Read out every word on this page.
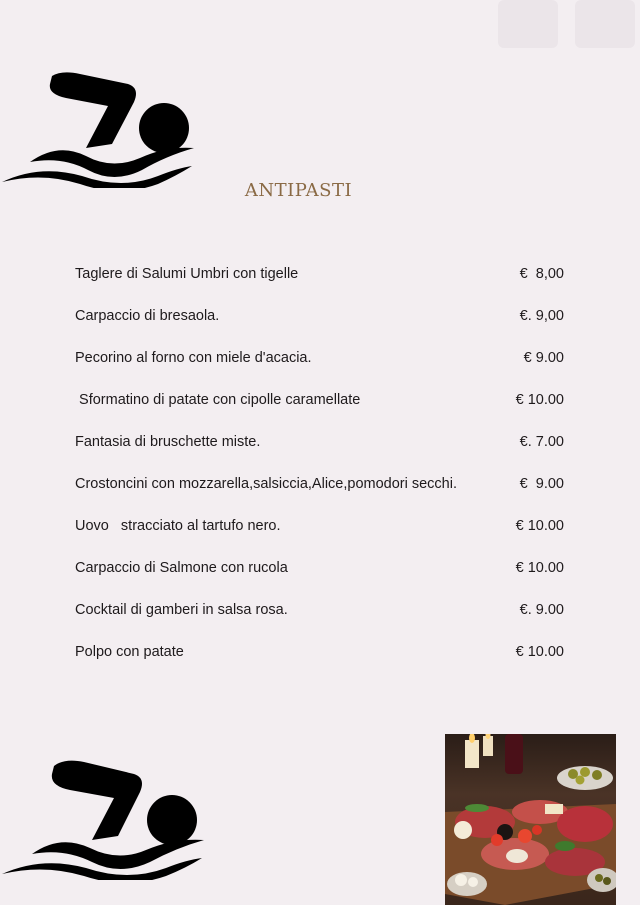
ANTIPASTI
Taglere di Salumi Umbri con tigelle	€  8,00
Carpaccio di bresaola.	€. 9,00
Pecorino al forno con miele d'acacia.	€ 9.00
Sformatino di patate con cipolle caramellate	€ 10.00
Fantasia di bruschette miste.	€. 7.00
Crostoncini con mozzarella,salsiccia,Alice,pomodori secchi.	€  9.00
Uovo   stracciato al tartufo nero.	€ 10.00
Carpaccio di Salmone con rucola	€ 10.00
Cocktail di gamberi in salsa rosa.	€. 9.00
Polpo con patate	€ 10.00
